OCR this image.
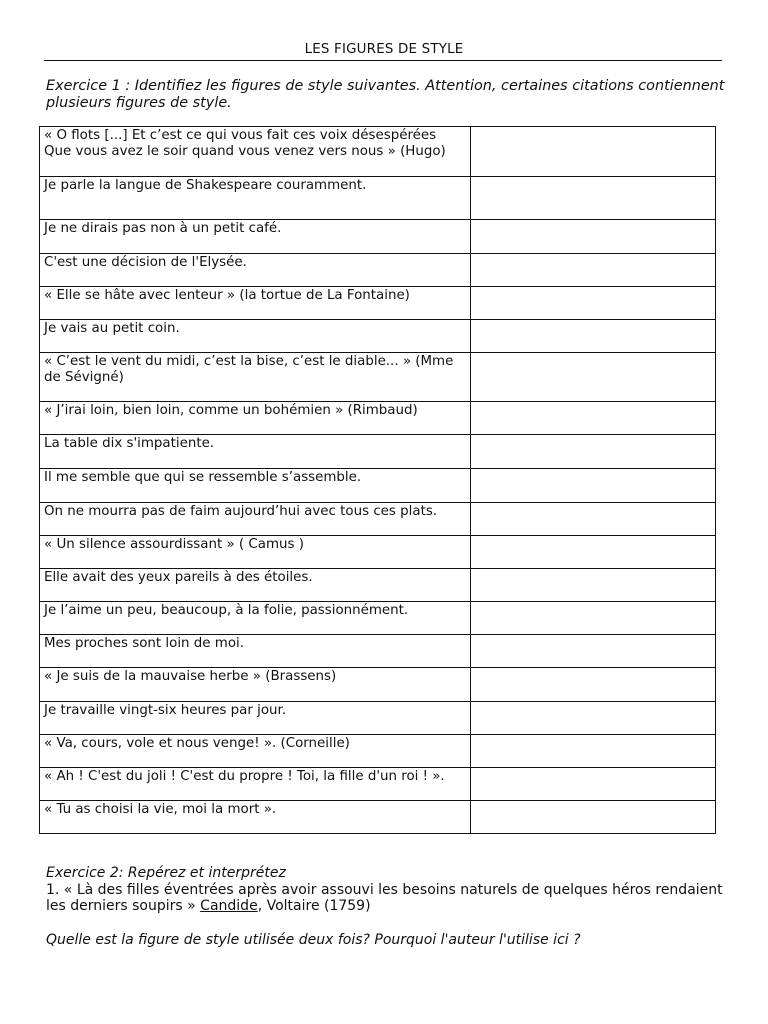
LES FIGURES DE STYLE
Exercice 1 : Identifiez les figures de style suivantes. Attention, certaines citations contiennent plusieurs figures de style.
« O flots [...] Et c’est ce qui vous fait ces voix désespérées Que vous avez le soir quand vous venez vers nous » (Hugo)	
Je parle la langue de Shakespeare couramment.	
Je ne dirais pas non à un petit café.	
C'est une décision de l'Elysée.	
« Elle se hâte avec lenteur » (la tortue de La Fontaine)	
Je vais au petit coin.	
« C’est le vent du midi, c’est la bise, c’est le diable... » (Mme de Sévigné)	
« J’irai loin, bien loin, comme un bohémien » (Rimbaud)	
La table dix s'impatiente.	
Il me semble que qui se ressemble s’assemble.	
On ne mourra pas de faim aujourd’hui avec tous ces plats.	
« Un silence assourdissant » ( Camus )	
Elle avait des yeux pareils à des étoiles.	
Je l’aime un peu, beaucoup, à la folie, passionnément.	
Mes proches sont loin de moi.	
« Je suis de la mauvaise herbe » (Brassens)	
Je travaille vingt-six heures par jour.	
« Va, cours, vole et nous venge! ». (Corneille)	
« Ah ! C'est du joli ! C'est du propre ! Toi, la fille d'un roi ! ».	
« Tu as choisi la vie, moi la mort ».	
Exercice 2: Repérez et interprétez
1. « Là des filles éventrées après avoir assouvi les besoins naturels de quelques héros rendaient les derniers soupirs » Candide, Voltaire (1759)
Quelle est la figure de style utilisée deux fois? Pourquoi l'auteur l'utilise ici ?
